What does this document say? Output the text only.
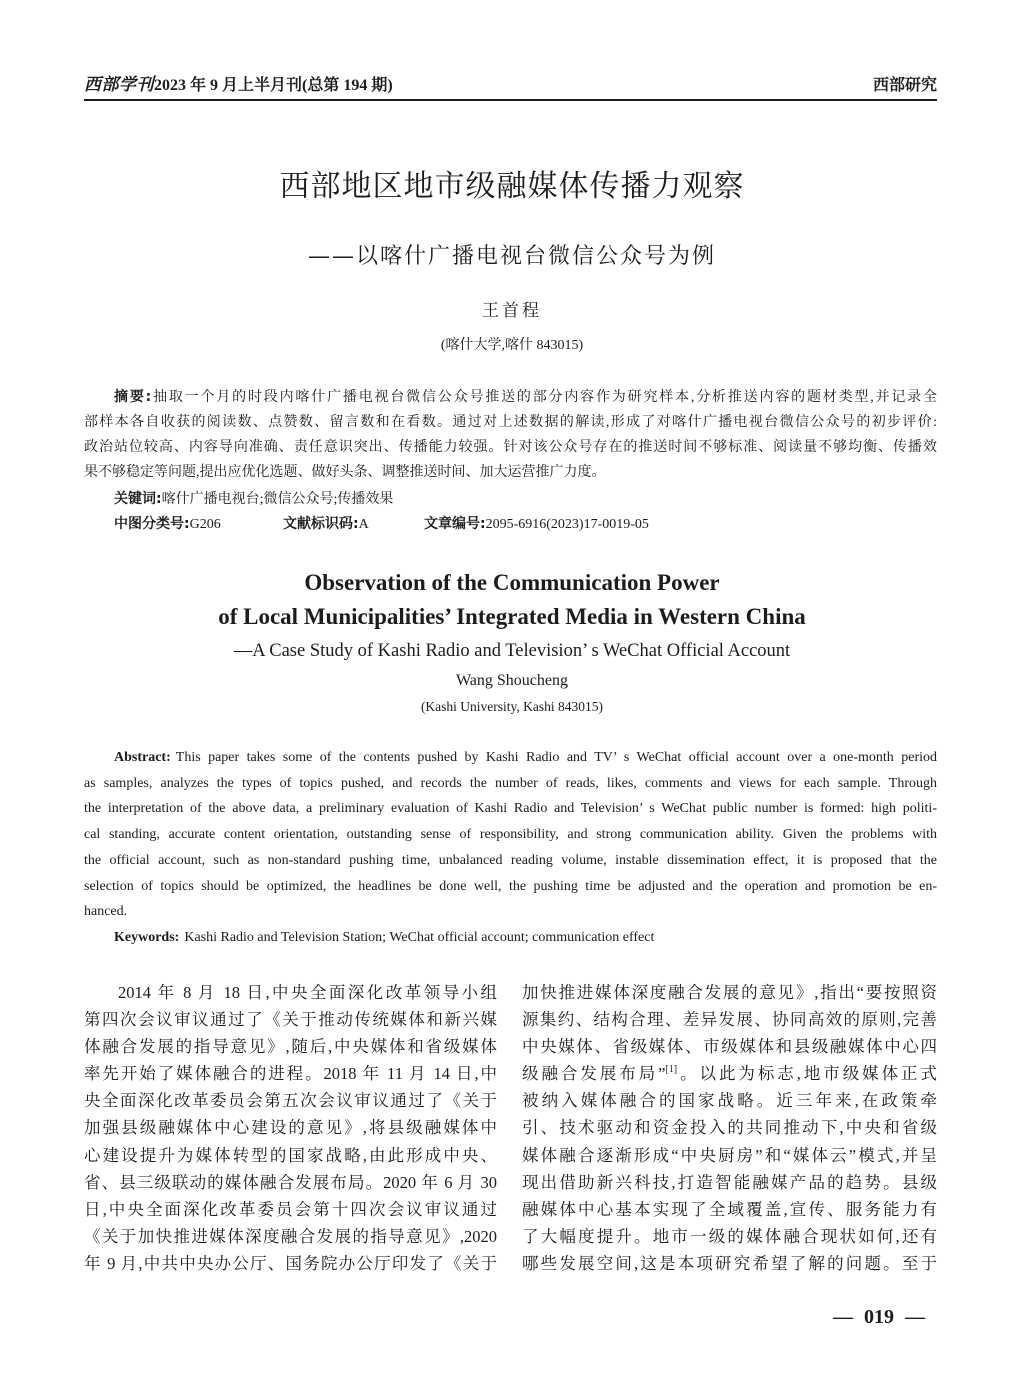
西部学刊2023 年 9 月上半月刊(总第 194 期)	西部研究
西部地区地市级融媒体传播力观察
——以喀什广播电视台微信公众号为例
王首程
(喀什大学,喀什 843015)
摘要:抽取一个月的时段内喀什广播电视台微信公众号推送的部分内容作为研究样本,分析推送内容的题材类型,并记录全
部样本各自收获的阅读数、点赞数、留言数和在看数。通过对上述数据的解读,形成了对喀什广播电视台微信公众号的初步评价:
政治站位较高、内容导向准确、责任意识突出、传播能力较强。针对该公众号存在的推送时间不够标准、阅读量不够均衡、传播效
果不够稳定等问题,提出应优化选题、做好头条、调整推送时间、加大运营推广力度。
关键词:喀什广播电视台;微信公众号;传播效果
中图分类号:G206	文献标识码:A	文章编号:2095-6916(2023)17-0019-05
Observation of the Communication Power
of Local Municipalities’ Integrated Media in Western China
—A Case Study of Kashi Radio and Television’ s WeChat Official Account
Wang Shoucheng
(Kashi University, Kashi 843015)
Abstract: This paper takes some of the contents pushed by Kashi Radio and TV’ s WeChat official account over a one-month period
as samples, analyzes the types of topics pushed, and records the number of reads, likes, comments and views for each sample. Through
the interpretation of the above data, a preliminary evaluation of Kashi Radio and Television’ s WeChat public number is formed: high politi-
cal standing, accurate content orientation, outstanding sense of responsibility, and strong communication ability. Given the problems with
the official account, such as non-standard pushing time, unbalanced reading volume, instable dissemination effect, it is proposed that the
selection of topics should be optimized, the headlines be done well, the pushing time be adjusted and the operation and promotion be en-
hanced.
Keywords: Kashi Radio and Television Station; WeChat official account; communication effect
2014 年 8 月 18 日,中央全面深化改革领导小组
第四次会议审议通过了《关于推动传统媒体和新兴媒
体融合发展的指导意见》,随后,中央媒体和省级媒体
率先开始了媒体融合的进程。2018 年 11 月 14 日,中
央全面深化改革委员会第五次会议审议通过了《关于
加强县级融媒体中心建设的意见》,将县级融媒体中
心建设提升为媒体转型的国家战略,由此形成中央、
省、县三级联动的媒体融合发展布局。2020 年 6 月 30
日,中央全面深化改革委员会第十四次会议审议通过
《关于加快推进媒体深度融合发展的指导意见》,2020
年 9 月,中共中央办公厅、国务院办公厅印发了《关于
加快推进媒体深度融合发展的意见》,指出“要按照资
源集约、结构合理、差异发展、协同高效的原则,完善
中央媒体、省级媒体、市级媒体和县级融媒体中心四
级融合发展布局”[1]。以此为标志,地市级媒体正式
被纳入媒体融合的国家战略。近三年来,在政策牵
引、技术驱动和资金投入的共同推动下,中央和省级
媒体融合逐渐形成“中央厨房”和“媒体云”模式,并呈
现出借助新兴科技,打造智能融媒产品的趋势。县级
融媒体中心基本实现了全域覆盖,宣传、服务能力有
了大幅度提升。地市一级的媒体融合现状如何,还有
哪些发展空间,这是本项研究希望了解的问题。至于
— 019 —
